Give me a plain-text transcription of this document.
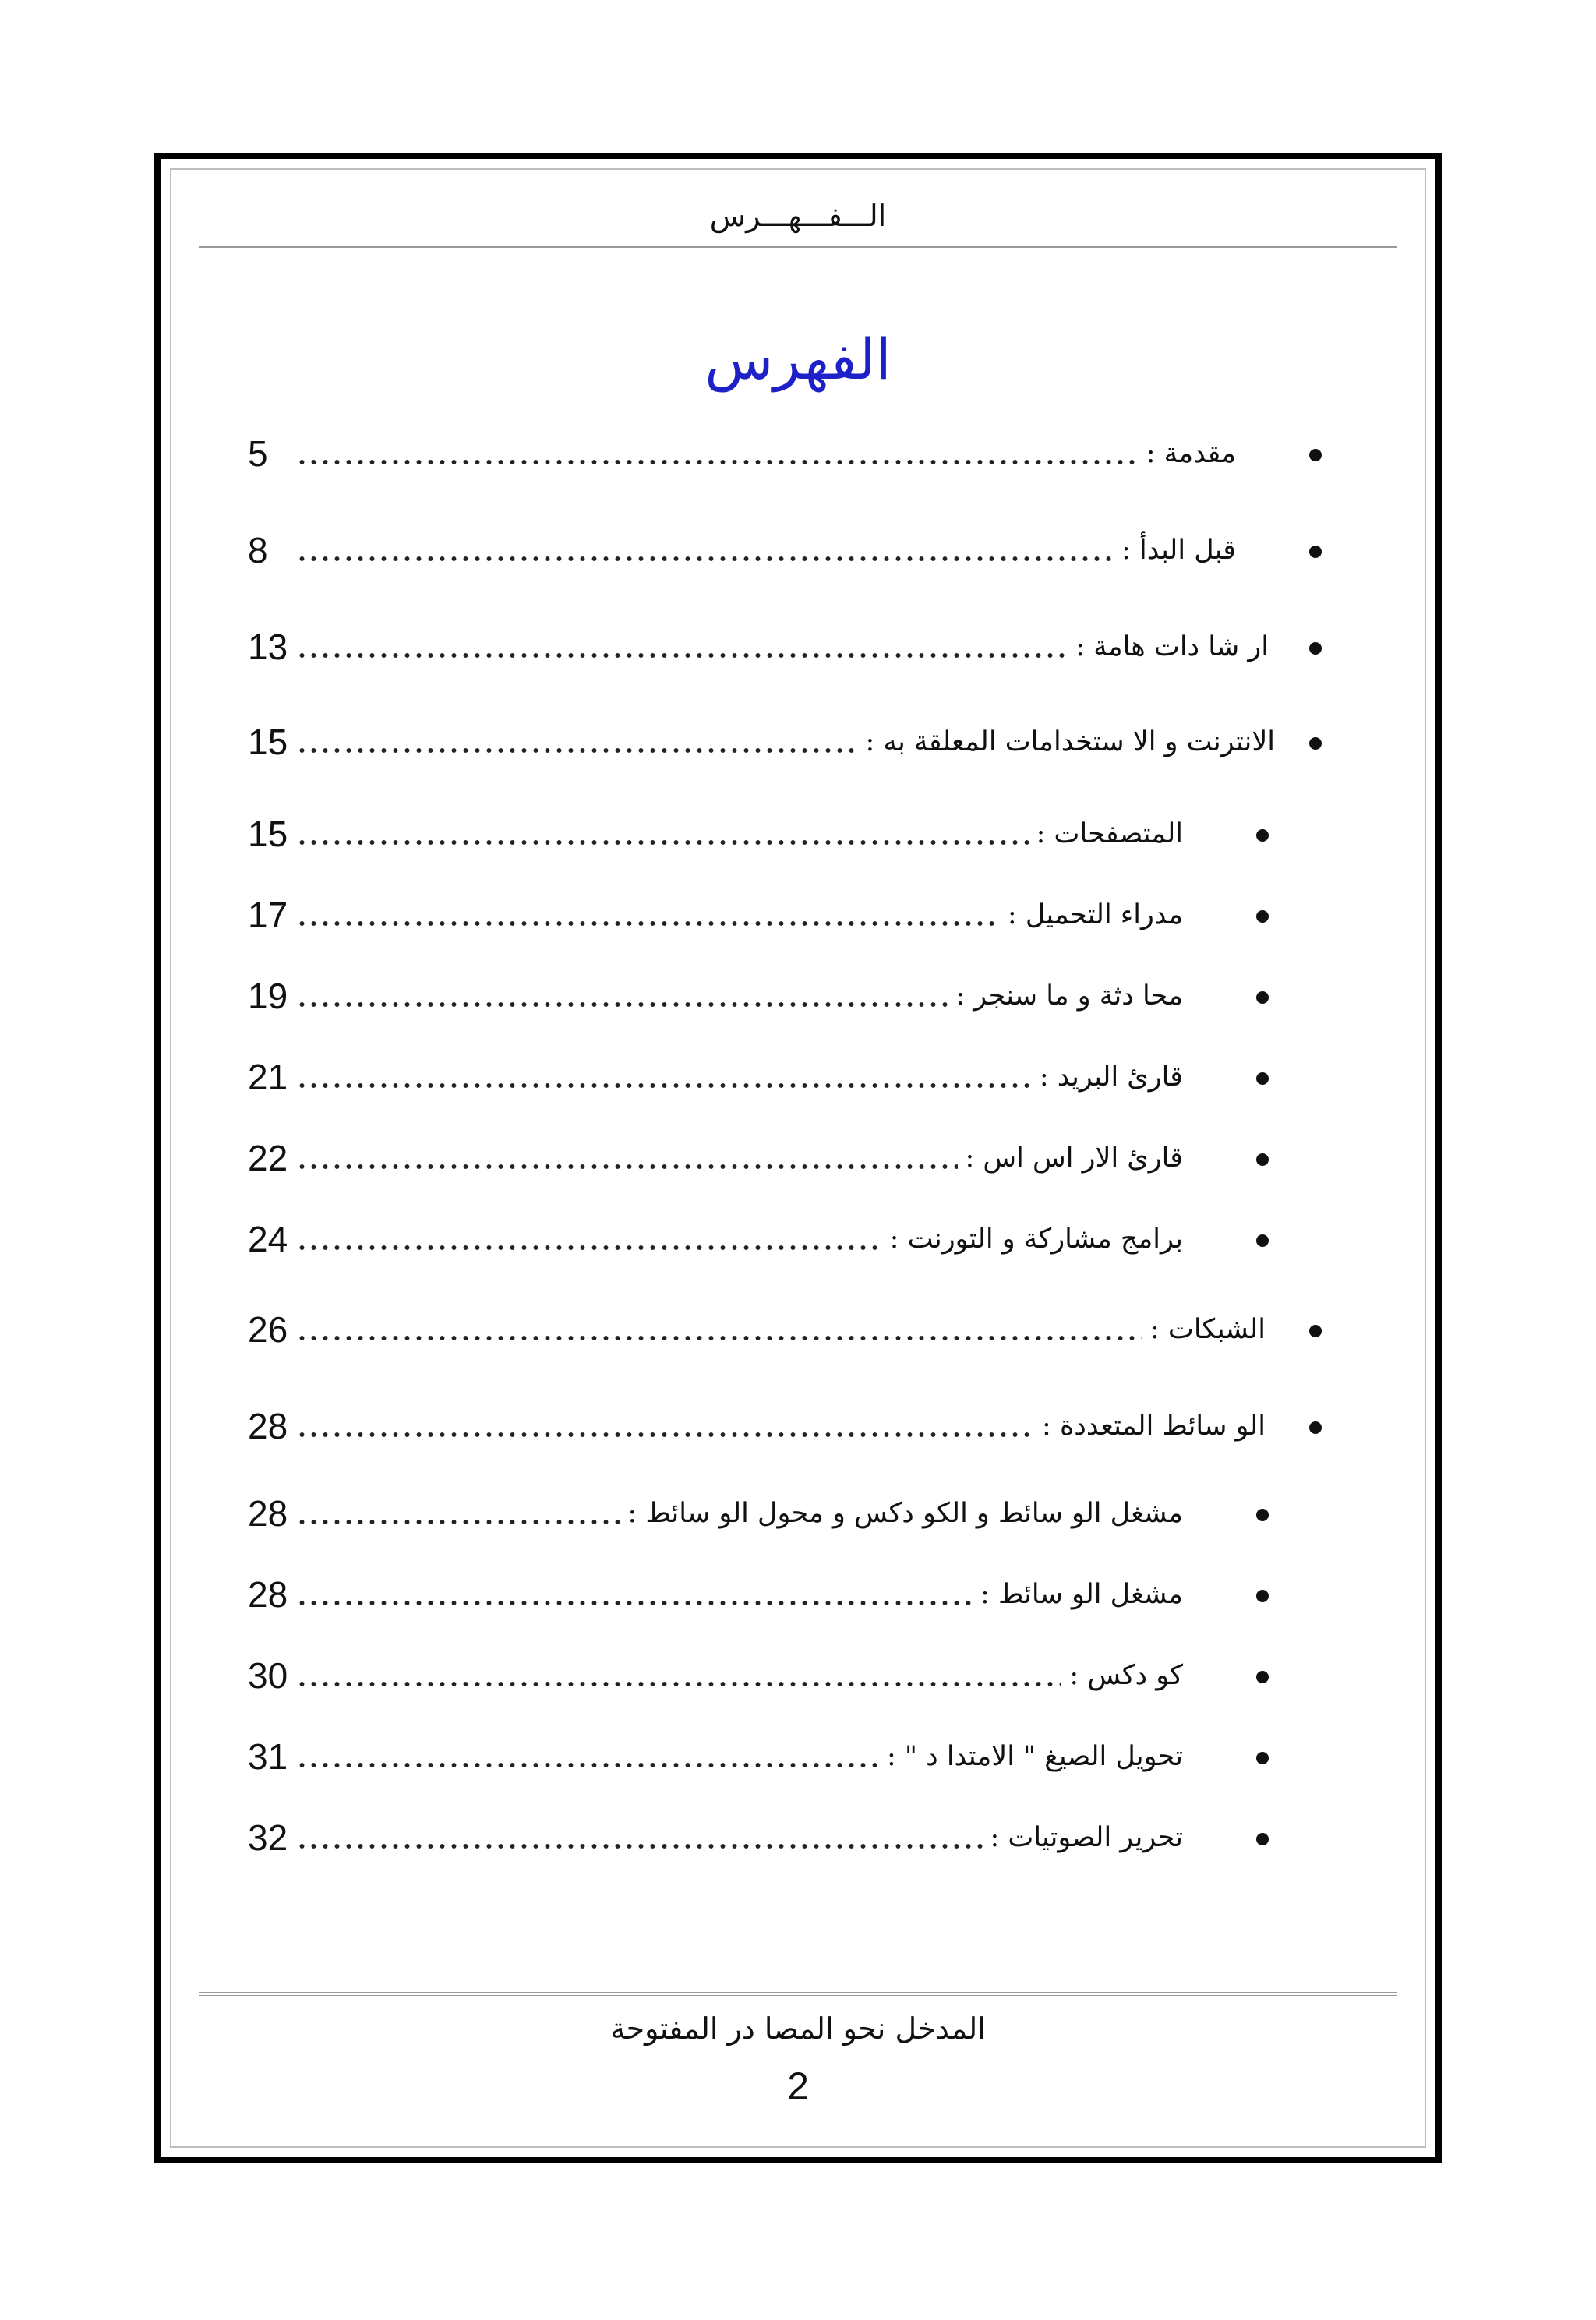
الـــفـــهـــرس
الفهرس
5	مقدمة :
8	قبل البدأ :
13	ار شا دات هامة :
15	الانترنت و الا ستخدامات المعلقة به :
15	المتصفحات :
17	مدراء التحميل :
19	محا دثة و ما سنجر :
21	قارئ البريد :
22	قارئ الار اس اس :
24	برامج مشاركة و التورنت :
26	الشبكات :
28	الو سائط المتعددة :
28	مشغل الو سائط و الكو دكس و محول الو سائط :
28	مشغل الو سائط :
30	كو دكس :
31	تحويل الصيغ " الامتدا د " :
32	تحرير الصوتيات :
المدخل نحو المصا در المفتوحة
2
